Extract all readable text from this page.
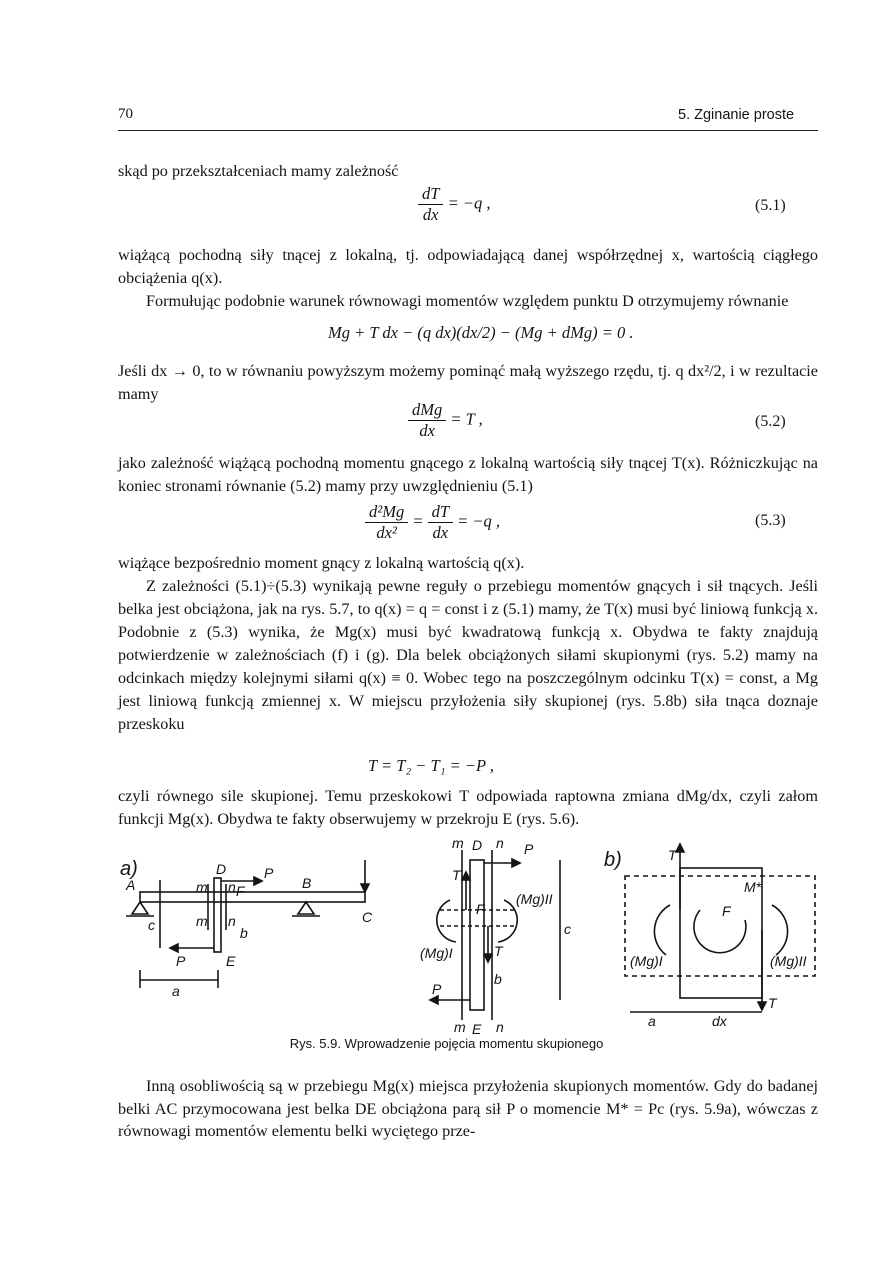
70	5. Zginanie proste

skąd po przekształceniach mamy zależność

$\frac{dT}{dx} = -q$ ,	(5.1)

wiążącą pochodną siły tnącej z lokalną, tj. odpowiadającą danej współrzędnej x, wartością ciągłego obciążenia q(x).

Formułując podobnie warunek równowagi momentów względem punktu D otrzymujemy równanie

Mg + T dx − (q dx)(dx/2) − (Mg + dMg) = 0 .

Jeśli dx → 0, to w równaniu powyższym możemy pominąć małą wyższego rzędu, tj. q dx²/2, i w rezultacie mamy

$\frac{\text{dMg}}{dx} = T$ ,	(5.2)

jako zależność wiążącą pochodną momentu gnącego z lokalną wartością siły tnącej T(x). Różniczkując na koniec stronami równanie (5.2) mamy przy uwzględnieniu (5.1)

$\frac{\text{d²Mg}}{\text{dx²}} = \frac{dT}{dx} = -q$ ,	(5.3)

wiążące bezpośrednio moment gnący z lokalną wartością q(x).

Z zależności (5.1)÷(5.3) wynikają pewne reguły o przebiegu momentów gnących i sił tnących. Jeśli belka jest obciążona, jak na rys. 5.7, to q(x) = q = const i z (5.1) mamy, że T(x) musi być liniową funkcją x. Podobnie z (5.3) wynika, że Mg(x) musi być kwadratową funkcją x. Obydwa te fakty znajdują potwierdzenie w zależnościach (f) i (g). Dla belek obciążonych siłami skupionymi (rys. 5.2) mamy na odcinkach między kolejnymi siłami q(x) ≡ 0. Wobec tego na poszczególnym odcinku T(x) = const, a Mg jest liniową funkcją zmiennej x. W miejscu przyłożenia siły skupionej (rys. 5.8b) siła tnąca doznaje przeskoku

T = T₂ − T₁ = −P ,

czyli równego sile skupionej. Temu przeskokowi T odpowiada raptowna zmiana dMg/dx, czyli załom funkcji Mg(x). Obydwa te fakty obserwujemy w przekroju E (rys. 5.6).

a)
A	B
C
D
E
P
P
F
m
m
n
n
b
c
a
m D n P
T
F
(Mg)II
(Mg)I	T
c
b
P
m E n
b)	T
M*
F
(Mg)I	(Mg)II
a	dx
T
Rys. 5.9. Wprowadzenie pojęcia momentu skupionego

Inną osobliwością są w przebiegu Mg(x) miejsca przyłożenia skupionych momentów. Gdy do badanej belki AC przymocowana jest belka DE obciążona parą sił P o momencie M* = Pc (rys. 5.9a), wówczas z równowagi momentów elementu belki wyciętego prze-
